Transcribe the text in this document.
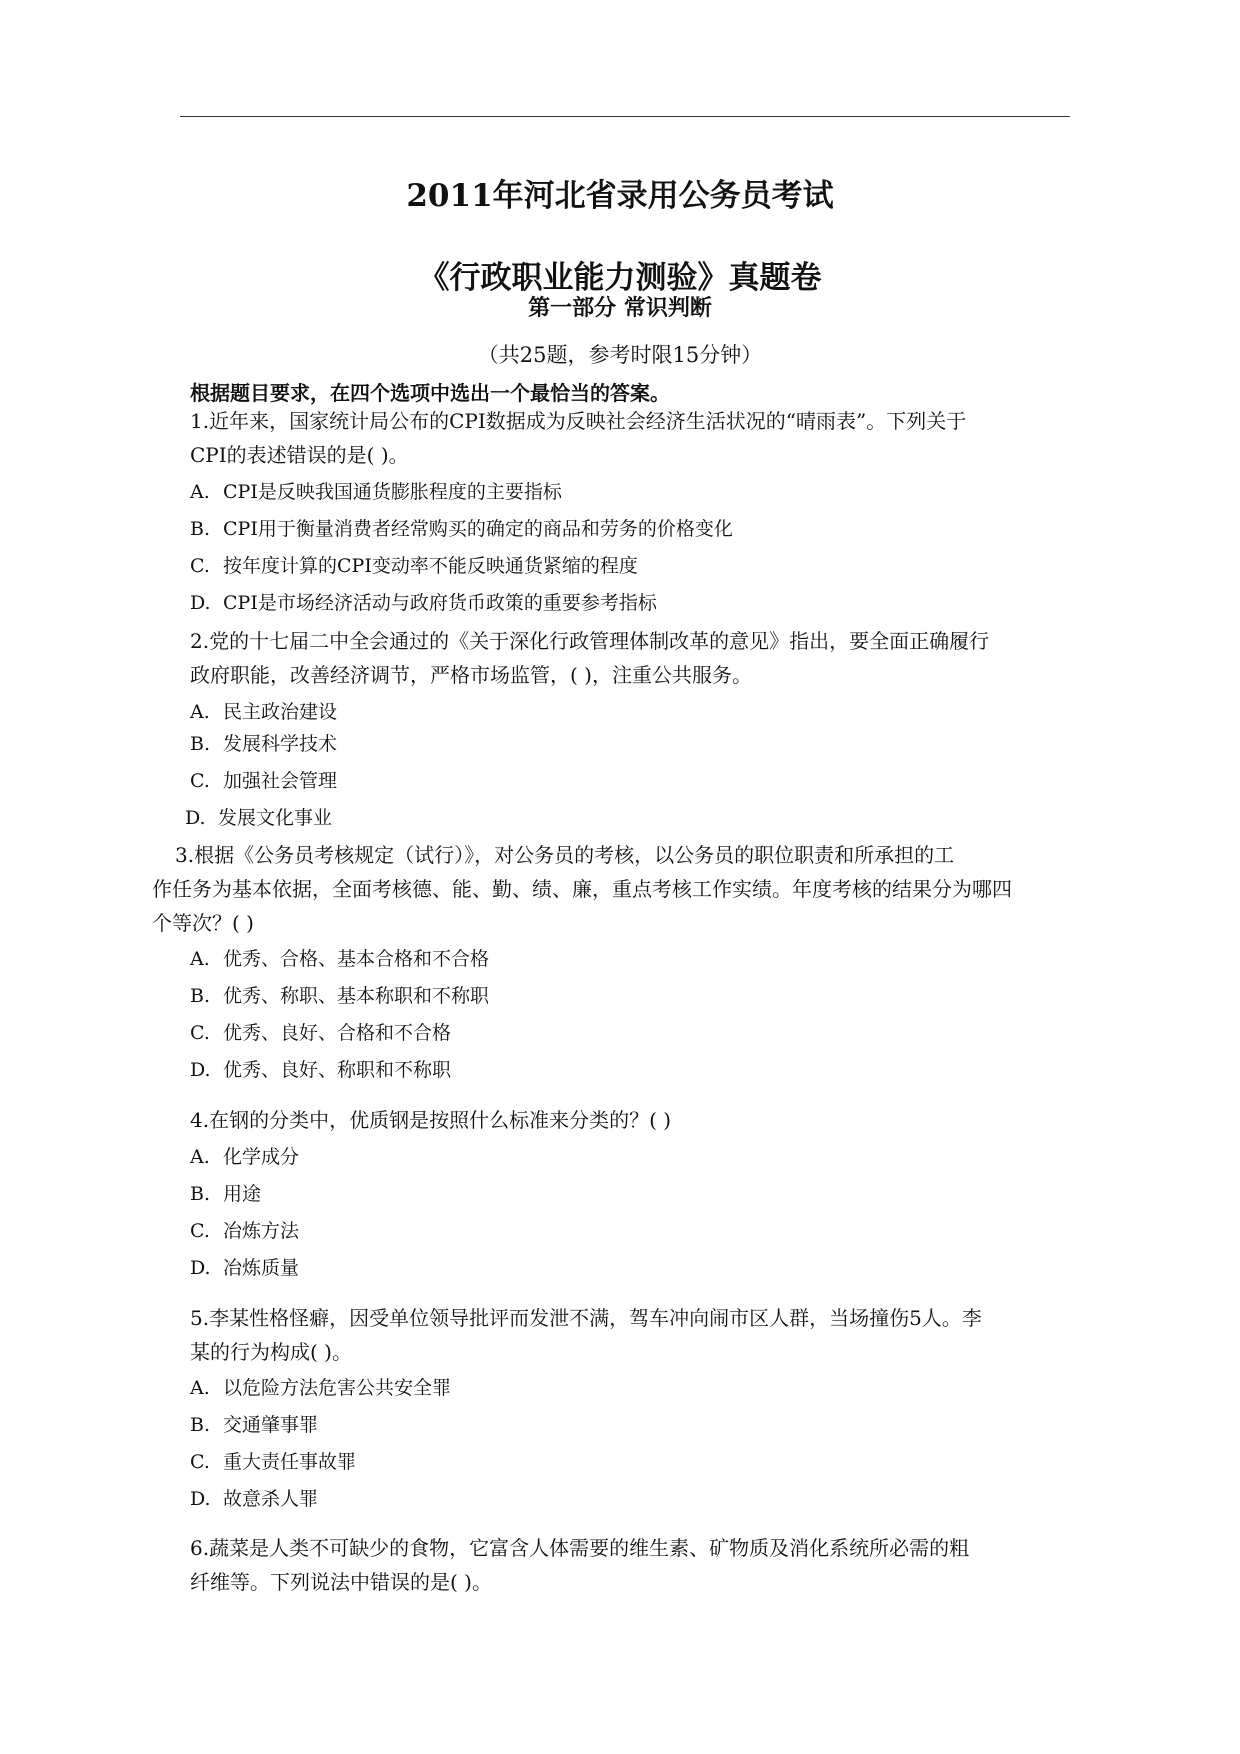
2011年河北省录用公务员考试
《行政职业能力测验》真题卷
第一部分 常识判断
（共25题，参考时限15分钟）
根据题目要求，在四个选项中选出一个最恰当的答案。
1.近年来，国家统计局公布的CPI数据成为反映社会经济生活状况的“晴雨表”。下列关于
CPI的表述错误的是( )。
A. CPI是反映我国通货膨胀程度的主要指标
B. CPI用于衡量消费者经常购买的确定的商品和劳务的价格变化
C. 按年度计算的CPI变动率不能反映通货紧缩的程度
D. CPI是市场经济活动与政府货币政策的重要参考指标
2.党的十七届二中全会通过的《关于深化行政管理体制改革的意见》指出，要全面正确履行
政府职能，改善经济调节，严格市场监管，( )，注重公共服务。
A. 民主政治建设
B. 发展科学技术
C. 加强社会管理
D. 发展文化事业
3.根据《公务员考核规定（试行）》，对公务员的考核，以公务员的职位职责和所承担的工
作任务为基本依据，全面考核德、能、勤、绩、廉，重点考核工作实绩。年度考核的结果分为哪四
个等次？( )
A. 优秀、合格、基本合格和不合格
B. 优秀、称职、基本称职和不称职
C. 优秀、良好、合格和不合格
D. 优秀、良好、称职和不称职
4.在钢的分类中，优质钢是按照什么标准来分类的？( )
A. 化学成分
B. 用途
C. 冶炼方法
D. 冶炼质量
5.李某性格怪癖，因受单位领导批评而发泄不满，驾车冲向闹市区人群，当场撞伤5人。李
某的行为构成( )。
A. 以危险方法危害公共安全罪
B. 交通肇事罪
C. 重大责任事故罪
D. 故意杀人罪
6.蔬菜是人类不可缺少的食物，它富含人体需要的维生素、矿物质及消化系统所必需的粗
纤维等。下列说法中错误的是( )。
